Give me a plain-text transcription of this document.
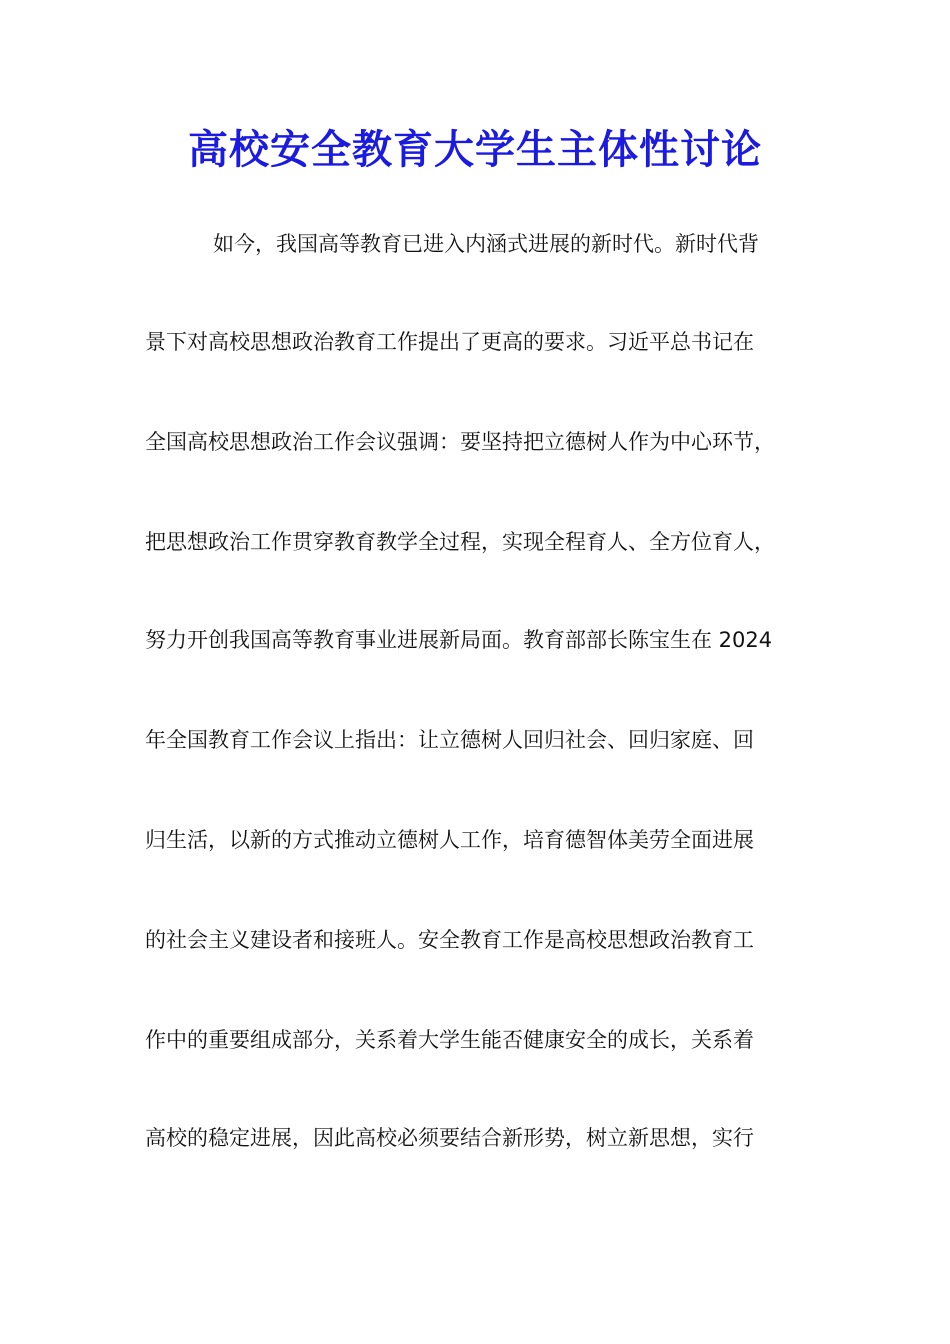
高校安全教育大学生主体性讨论

如今，我国高等教育已进入内涵式进展的新时代。新时代背

景下对高校思想政治教育工作提出了更高的要求。习近平总书记在

全国高校思想政治工作会议强调：要坚持把立德树人作为中心环节，

把思想政治工作贯穿教育教学全过程，实现全程育人、全方位育人，

努力开创我国高等教育事业进展新局面。教育部部长陈宝生在 2024

年全国教育工作会议上指出：让立德树人回归社会、回归家庭、回

归生活，以新的方式推动立德树人工作，培育德智体美劳全面进展

的社会主义建设者和接班人。安全教育工作是高校思想政治教育工

作中的重要组成部分，关系着大学生能否健康安全的成长，关系着

高校的稳定进展，因此高校必须要结合新形势，树立新思想，实行
